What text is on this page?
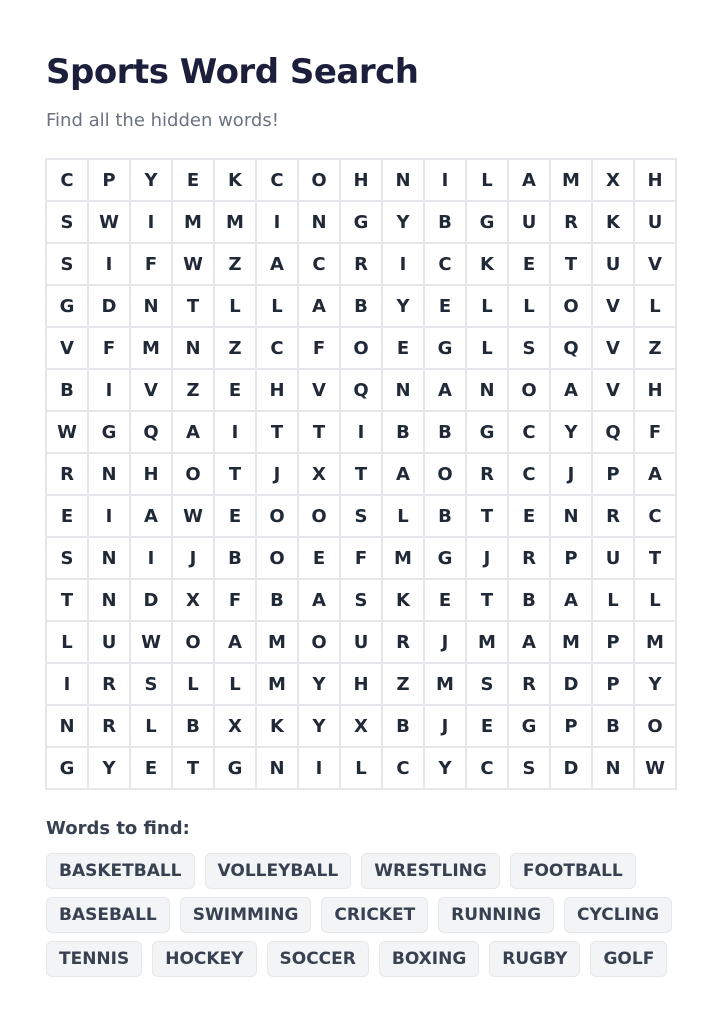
Sports Word Search

Find all the hidden words!

C	P	Y	E	K	C	O	H	N	I	L	A	M	X	H
S	W	I	M	M	I	N	G	Y	B	G	U	R	K	U
S	I	F	W	Z	A	C	R	I	C	K	E	T	U	V
G	D	N	T	L	L	A	B	Y	E	L	L	O	V	L
V	F	M	N	Z	C	F	O	E	G	L	S	Q	V	Z
B	I	V	Z	E	H	V	Q	N	A	N	O	A	V	H
W	G	Q	A	I	T	T	I	B	B	G	C	Y	Q	F
R	N	H	O	T	J	X	T	A	O	R	C	J	P	A
E	I	A	W	E	O	O	S	L	B	T	E	N	R	C
S	N	I	J	B	O	E	F	M	G	J	R	P	U	T
T	N	D	X	F	B	A	S	K	E	T	B	A	L	L
L	U	W	O	A	M	O	U	R	J	M	A	M	P	M
I	R	S	L	L	M	Y	H	Z	M	S	R	D	P	Y
N	R	L	B	X	K	Y	X	B	J	E	G	P	B	O
G	Y	E	T	G	N	I	L	C	Y	C	S	D	N	W
Words to find:
BASKETBALL	VOLLEYBALL	WRESTLING	FOOTBALL
BASEBALL	SWIMMING	CRICKET	RUNNING	CYCLING
TENNIS	HOCKEY	SOCCER	BOXING	RUGBY	GOLF
